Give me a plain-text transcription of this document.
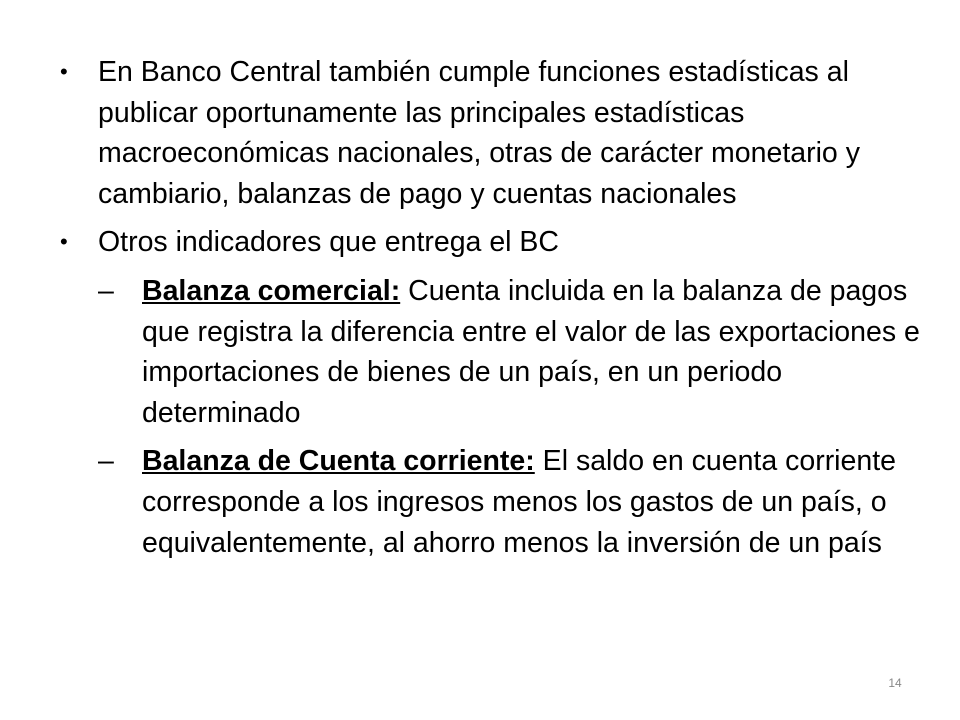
• En Banco Central también cumple funciones estadísticas al publicar oportunamente las principales estadísticas macroeconómicas nacionales, otras de carácter monetario y cambiario, balanzas de pago y cuentas nacionales
• Otros indicadores que entrega el BC
– Balanza comercial: Cuenta incluida en la balanza de pagos que registra la diferencia entre el valor de las exportaciones e importaciones de bienes de un país, en un periodo determinado
– Balanza de Cuenta corriente: El saldo en cuenta corriente corresponde a los ingresos menos los gastos de un país, o equivalentemente, al ahorro menos la inversión de un país
14
